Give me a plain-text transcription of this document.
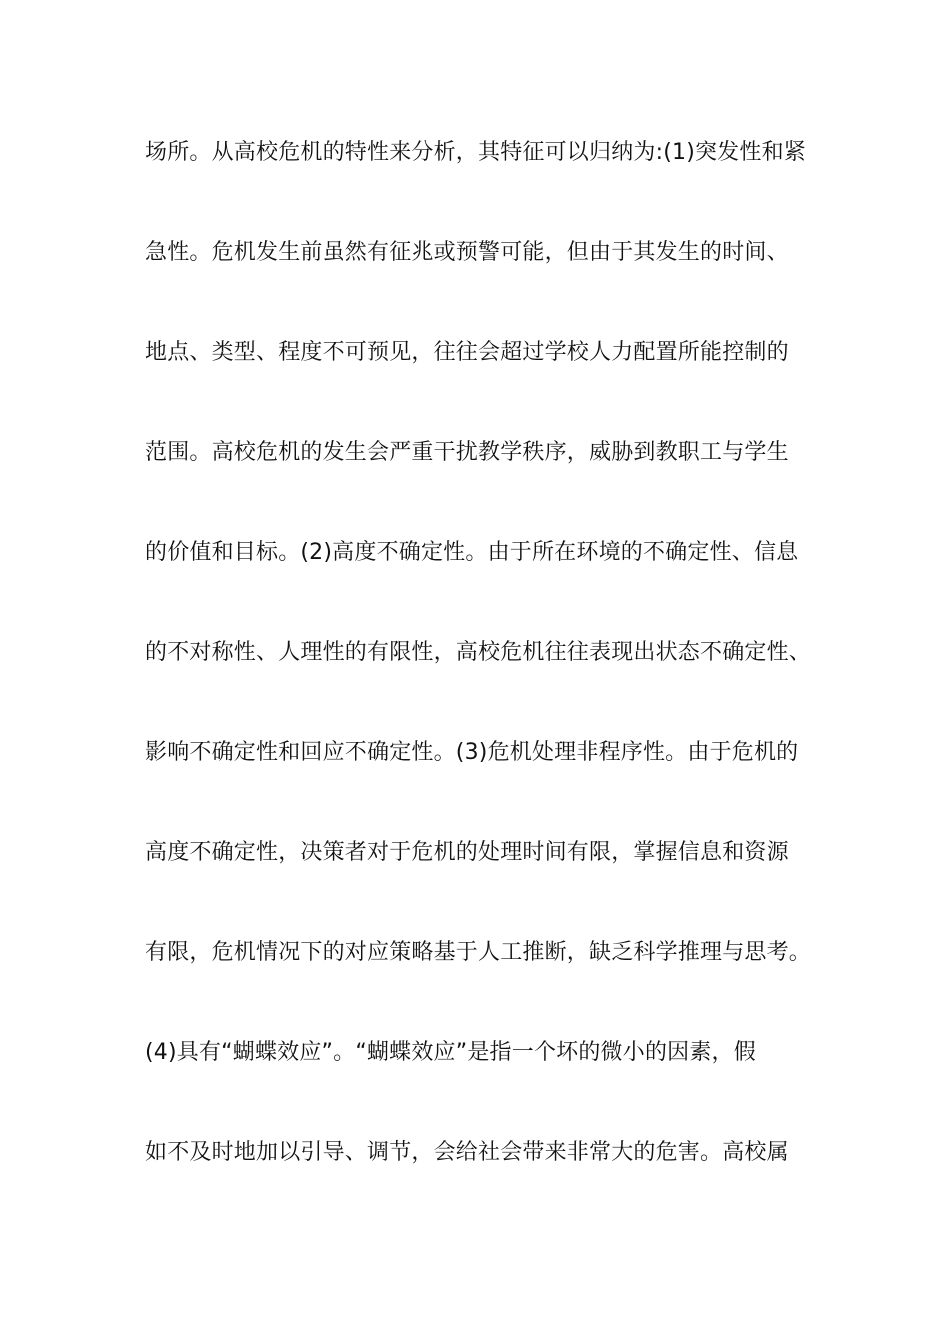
场所。从高校危机的特性来分析，其特征可以归纳为:(1)突发性和紧
急性。危机发生前虽然有征兆或预警可能，但由于其发生的时间、
地点、类型、程度不可预见，往往会超过学校人力配置所能控制的
范围。高校危机的发生会严重干扰教学秩序，威胁到教职工与学生
的价值和目标。(2)高度不确定性。由于所在环境的不确定性、信息
的不对称性、人理性的有限性，高校危机往往表现出状态不确定性、
影响不确定性和回应不确定性。(3)危机处理非程序性。由于危机的
高度不确定性，决策者对于危机的处理时间有限，掌握信息和资源
有限，危机情况下的对应策略基于人工推断，缺乏科学推理与思考。
(4)具有“蝴蝶效应”。“蝴蝶效应”是指一个坏的微小的因素，假
如不及时地加以引导、调节，会给社会带来非常大的危害。高校属
